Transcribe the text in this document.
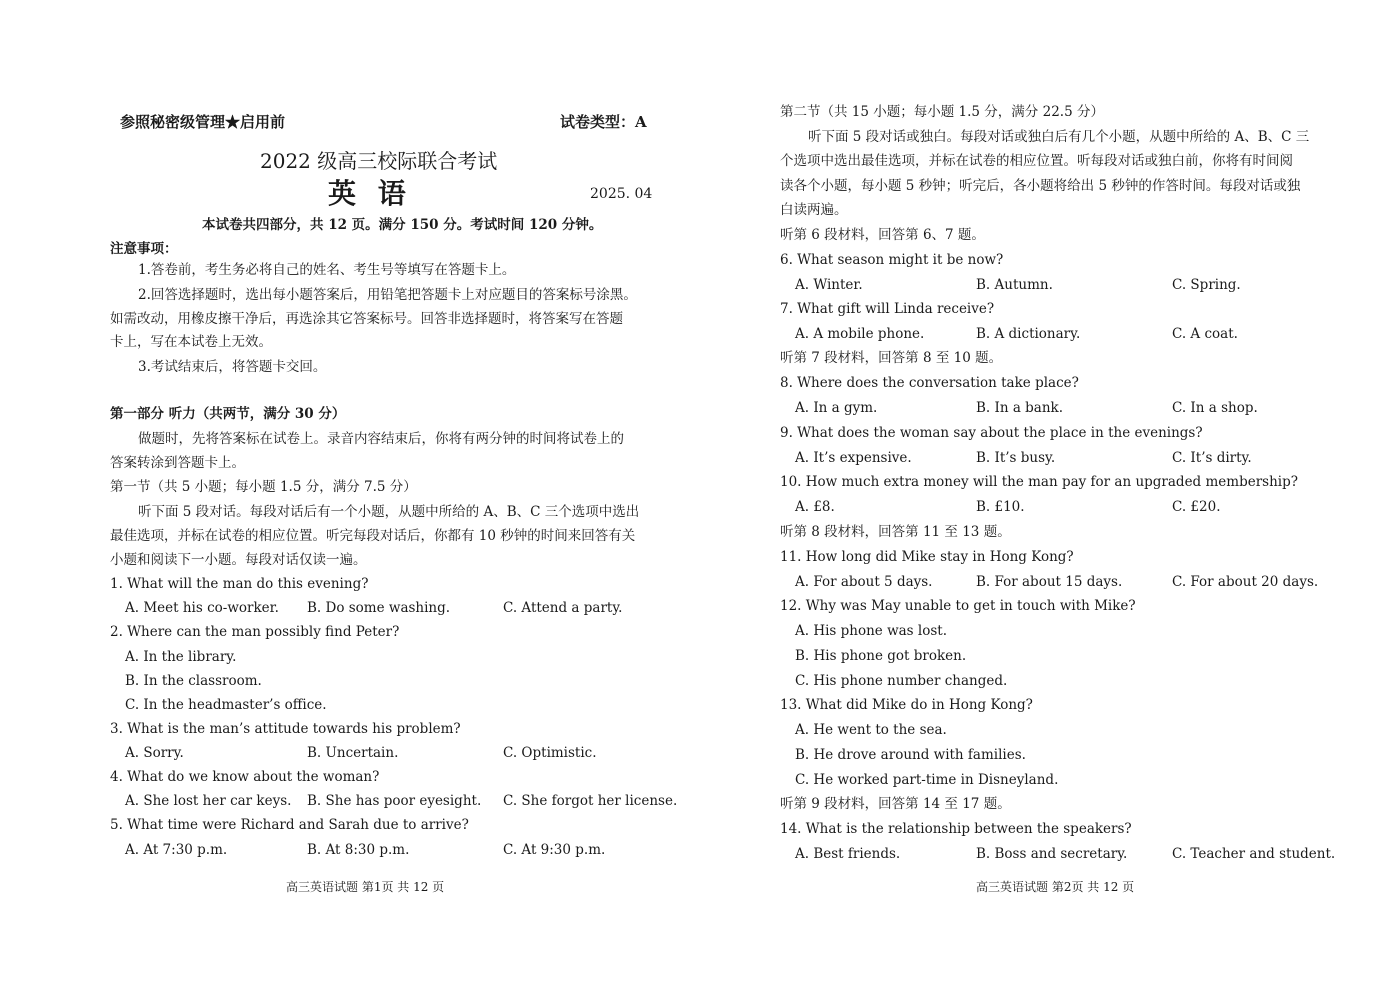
参照秘密级管理★启用前	试卷类型：A
2022 级高三校际联合考试
英 语	2025. 04
本试卷共四部分，共 12 页。满分 150 分。考试时间 120 分钟。
注意事项：
1.答卷前，考生务必将自己的姓名、考生号等填写在答题卡上。
2.回答选择题时，选出每小题答案后，用铅笔把答题卡上对应题目的答案标号涂黑。
如需改动，用橡皮擦干净后，再选涂其它答案标号。回答非选择题时，将答案写在答题
卡上，写在本试卷上无效。
3.考试结束后，将答题卡交回。
第一部分 听力（共两节，满分 30 分）
做题时，先将答案标在试卷上。录音内容结束后，你将有两分钟的时间将试卷上的
答案转涂到答题卡上。
第一节（共 5 小题；每小题 1.5 分，满分 7.5 分）
听下面 5 段对话。每段对话后有一个小题，从题中所给的 A、B、C 三个选项中选出
最佳选项，并标在试卷的相应位置。听完每段对话后，你都有 10 秒钟的时间来回答有关
小题和阅读下一小题。每段对话仅读一遍。
1. What will the man do this evening?
A. Meet his co-worker. B. Do some washing.	C. Attend a party.
2. Where can the man possibly find Peter?
A. In the library.
B. In the classroom.
C. In the headmaster’s office.
3. What is the man’s attitude towards his problem?
A. Sorry.	B. Uncertain.	C. Optimistic.
4. What do we know about the woman?
A. She lost her car keys. B. She has poor eyesight. C. She forgot her license.
5. What time were Richard and Sarah due to arrive?
A. At 7:30 p.m.	B. At 8:30 p.m.	C. At 9:30 p.m.
高三英语试题 第1页 共 12 页
第二节（共 15 小题；每小题 1.5 分，满分 22.5 分）
听下面 5 段对话或独白。每段对话或独白后有几个小题，从题中所给的 A、B、C 三
个选项中选出最佳选项，并标在试卷的相应位置。听每段对话或独白前，你将有时间阅
读各个小题，每小题 5 秒钟；听完后，各小题将给出 5 秒钟的作答时间。每段对话或独
白读两遍。
听第 6 段材料，回答第 6、7 题。
6. What season might it be now?
A. Winter.	B. Autumn.	C. Spring.
7. What gift will Linda receive?
A. A mobile phone.	B. A dictionary.	C. A coat.
听第 7 段材料，回答第 8 至 10 题。
8. Where does the conversation take place?
A. In a gym.	B. In a bank.	C. In a shop.
9. What does the woman say about the place in the evenings?
A. It’s expensive.	B. It’s busy.	C. It’s dirty.
10. How much extra money will the man pay for an upgraded membership?
A. £8.	B. £10.	C. £20.
听第 8 段材料，回答第 11 至 13 题。
11. How long did Mike stay in Hong Kong?
A. For about 5 days.	B. For about 15 days.	C. For about 20 days.
12. Why was May unable to get in touch with Mike?
A. His phone was lost.
B. His phone got broken.
C. His phone number changed.
13. What did Mike do in Hong Kong?
A. He went to the sea.
B. He drove around with families.
C. He worked part-time in Disneyland.
听第 9 段材料，回答第 14 至 17 题。
14. What is the relationship between the speakers?
A. Best friends.	B. Boss and secretary.	C. Teacher and student.
高三英语试题 第2页 共 12 页
